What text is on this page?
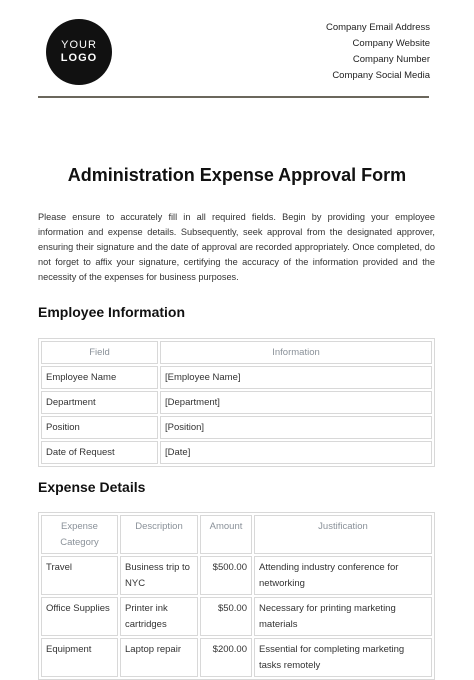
YOUR
LOGO
Company Email Address
Company Website
Company Number
Company Social Media
Administration Expense Approval Form

Please ensure to accurately fill in all required fields. Begin by providing your employee information and expense details. Subsequently, seek approval from the designated approver, ensuring their signature and the date of approval are recorded appropriately. Once completed, do not forget to affix your signature, certifying the accuracy of the information provided and the necessity of the expenses for business purposes.

Employee Information
Field	Information
Employee Name	[Employee Name]
Department	[Department]
Position	[Position]
Date of Request	[Date]
Expense Details
Expense Category	Description	Amount	Justification
Travel	Business trip to NYC	$500.00	Attending industry conference for networking
Office Supplies	Printer ink cartridges	$50.00	Necessary for printing marketing materials
Equipment	Laptop repair	$200.00	Essential for completing marketing tasks remotely
